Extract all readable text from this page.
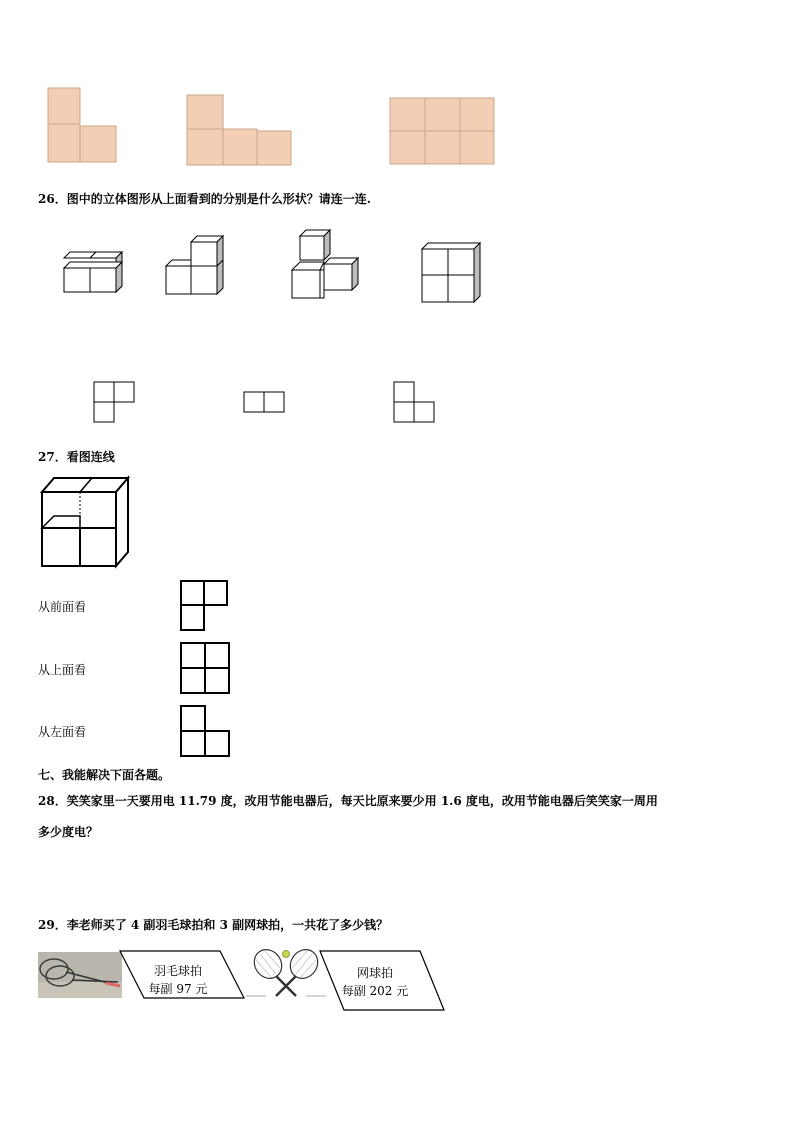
26．图中的立体图形从上面看到的分别是什么形状？请连一连.
27．看图连线
从前面看
从上面看
从左面看
七、我能解决下面各题。
28．笑笑家里一天要用电 11.79 度，改用节能电器后，每天比原来要少用 1.6 度电，改用节能电器后笑笑家一周用
多少度电？
29．李老师买了 4 副羽毛球拍和 3 副网球拍，一共花了多少钱？
羽毛球拍
每副 97 元
网球拍
每副 202 元
